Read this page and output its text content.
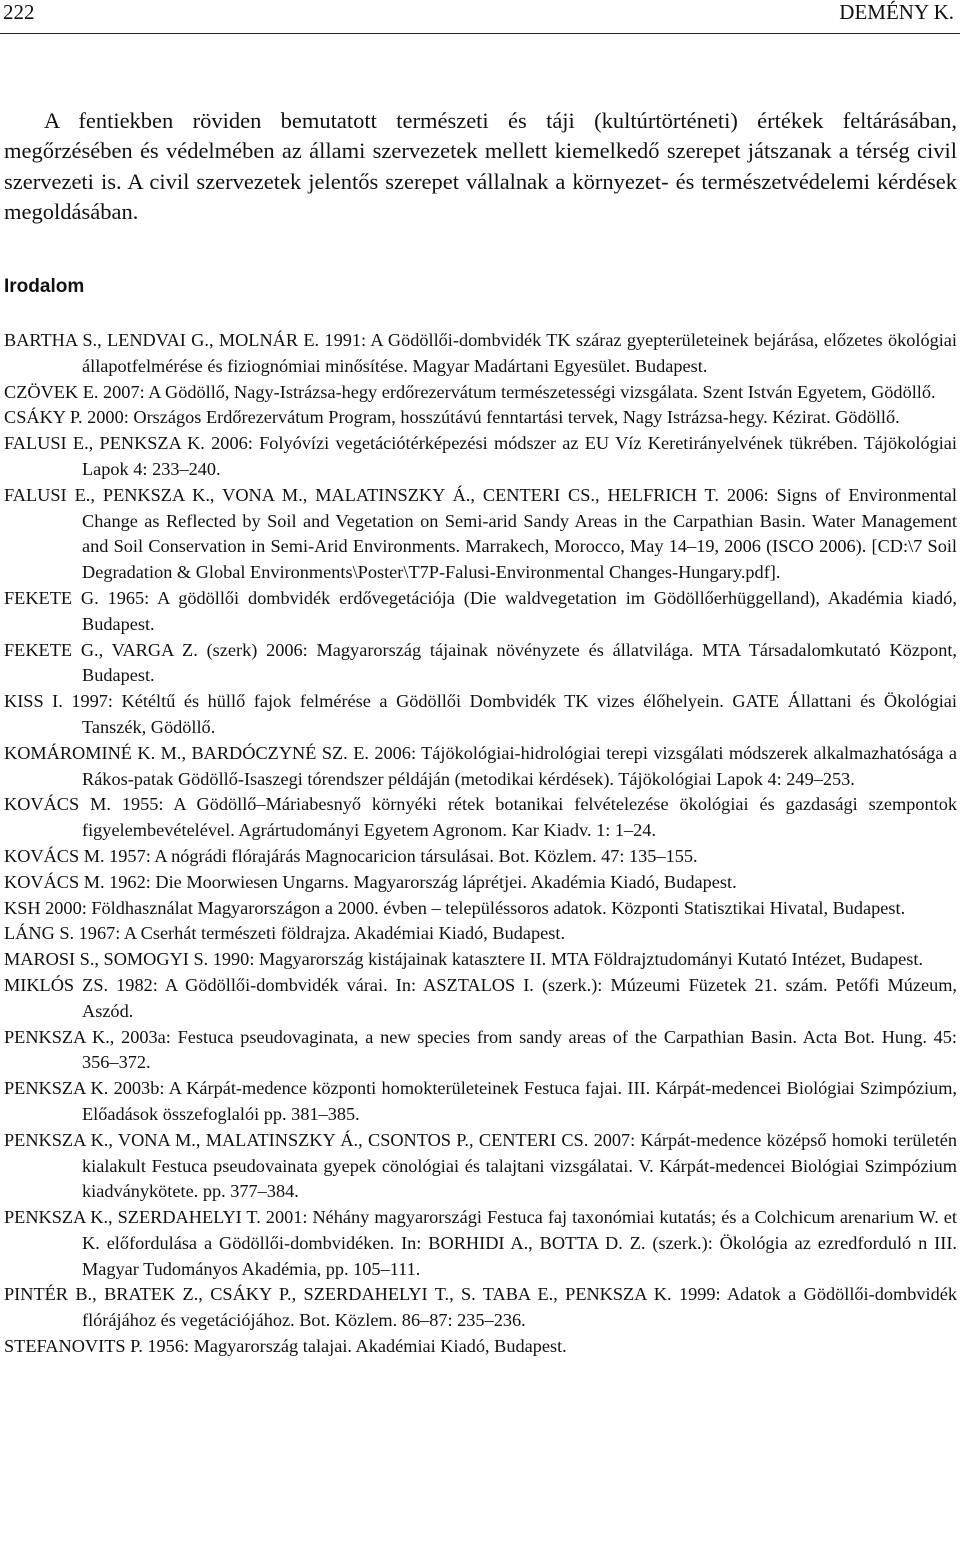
222	DEMÉNY K.

A fentiekben röviden bemutatott természeti és táji (kultúrtörténeti) értékek feltárásában, megőrzésében és védelmében az állami szervezetek mellett kiemelkedő szerepet játszanak a térség civil szervezeti is. A civil szervezetek jelentős szerepet vállalnak a környezet- és természetvédelemi kérdések megoldásában.

Irodalom

BARTHA S., LENDVAI G., MOLNÁR E. 1991: A Gödöllői-dombvidék TK száraz gyepterületeinek bejárása, előzetes ökológiai állapotfelmérése és fiziognómiai minősítése. Magyar Madártani Egyesület. Budapest.

CZÖVEK E. 2007: A Gödöllő, Nagy-Istrázsa-hegy erdőrezervátum természetességi vizsgálata. Szent István Egyetem, Gödöllő.

CSÁKY P. 2000: Országos Erdőrezervátum Program, hosszútávú fenntartási tervek, Nagy Istrázsa-hegy. Kézirat. Gödöllő.

FALUSI E., PENKSZA K. 2006: Folyóvízi vegetációtérképezési módszer az EU Víz Keretirányelvének tükrében. Tájökológiai Lapok 4: 233–240.

FALUSI E., PENKSZA K., VONA M., MALATINSZKY Á., CENTERI CS., HELFRICH T. 2006: Signs of Environmental Change as Reflected by Soil and Vegetation on Semi-arid Sandy Areas in the Carpathian Basin. Water Management and Soil Conservation in Semi-Arid Environments. Marrakech, Morocco, May 14–19, 2006 (ISCO 2006). [CD:\7 Soil Degradation & Global Environments\Poster\T7P-Falusi-Environmental Changes-Hungary.pdf].

FEKETE G. 1965: A gödöllői dombvidék erdővegetációja (Die waldvegetation im Gödöllőerhüggelland), Akadémia kiadó, Budapest.

FEKETE G., VARGA Z. (szerk) 2006: Magyarország tájainak növényzete és állatvilága. MTA Társadalomkutató Központ, Budapest.

KISS I. 1997: Kétéltű és hüllő fajok felmérése a Gödöllői Dombvidék TK vizes élőhelyein. GATE Állattani és Ökológiai Tanszék, Gödöllő.

KOMÁROMINÉ K. M., BARDÓCZYNÉ SZ. E. 2006: Tájökológiai-hidrológiai terepi vizsgálati módszerek alkalmazhatósága a Rákos-patak Gödöllő-Isaszegi tórendszer példáján (metodikai kérdések). Tájökológiai Lapok 4: 249–253.

KOVÁCS M. 1955: A Gödöllő–Máriabesnyő környéki rétek botanikai felvételezése ökológiai és gazdasági szempontok figyelembevételével. Agrártudományi Egyetem Agronom. Kar Kiadv. 1: 1–24.

KOVÁCS M. 1957: A nógrádi flórajárás Magnocaricion társulásai. Bot. Közlem. 47: 135–155.

KOVÁCS M. 1962: Die Moorwiesen Ungarns. Magyarország láprétjei. Akadémia Kiadó, Budapest.

KSH 2000: Földhasználat Magyarországon a 2000. évben – településsoros adatok. Központi Statisztikai Hivatal, Budapest.

LÁNG S. 1967: A Cserhát természeti földrajza. Akadémiai Kiadó, Budapest.

MAROSI S., SOMOGYI S. 1990: Magyarország kistájainak katasztere II. MTA Földrajztudományi Kutató Intézet, Budapest.

MIKLÓS ZS. 1982: A Gödöllői-dombvidék várai. In: ASZTALOS I. (szerk.): Múzeumi Füzetek 21. szám. Petőfi Múzeum, Aszód.

PENKSZA K., 2003a: Festuca pseudovaginata, a new species from sandy areas of the Carpathian Basin. Acta Bot. Hung. 45: 356–372.

PENKSZA K. 2003b: A Kárpát-medence központi homokterületeinek Festuca fajai. III. Kárpát-medencei Biológiai Szimpózium, Előadások összefoglalói pp. 381–385.

PENKSZA K., VONA M., MALATINSZKY Á., CSONTOS P., CENTERI CS. 2007: Kárpát-medence középső homoki területén kialakult Festuca pseudovainata gyepek cönológiai és talajtani vizsgálatai. V. Kárpát-medencei Biológiai Szimpózium kiadványkötete. pp. 377–384.

PENKSZA K., SZERDAHELYI T. 2001: Néhány magyarországi Festuca faj taxonómiai kutatás; és a Colchicum arenarium W. et K. előfordulása a Gödöllői-dombvidéken. In: BORHIDI A., BOTTA D. Z. (szerk.): Ökológia az ezredforduló n III. Magyar Tudományos Akadémia, pp. 105–111.

PINTÉR B., BRATEK Z., CSÁKY P., SZERDAHELYI T., S. TABA E., PENKSZA K. 1999: Adatok a Gödöllői-dombvidék flórájához és vegetációjához. Bot. Közlem. 86–87: 235–236.

STEFANOVITS P. 1956: Magyarország talajai. Akadémiai Kiadó, Budapest.
